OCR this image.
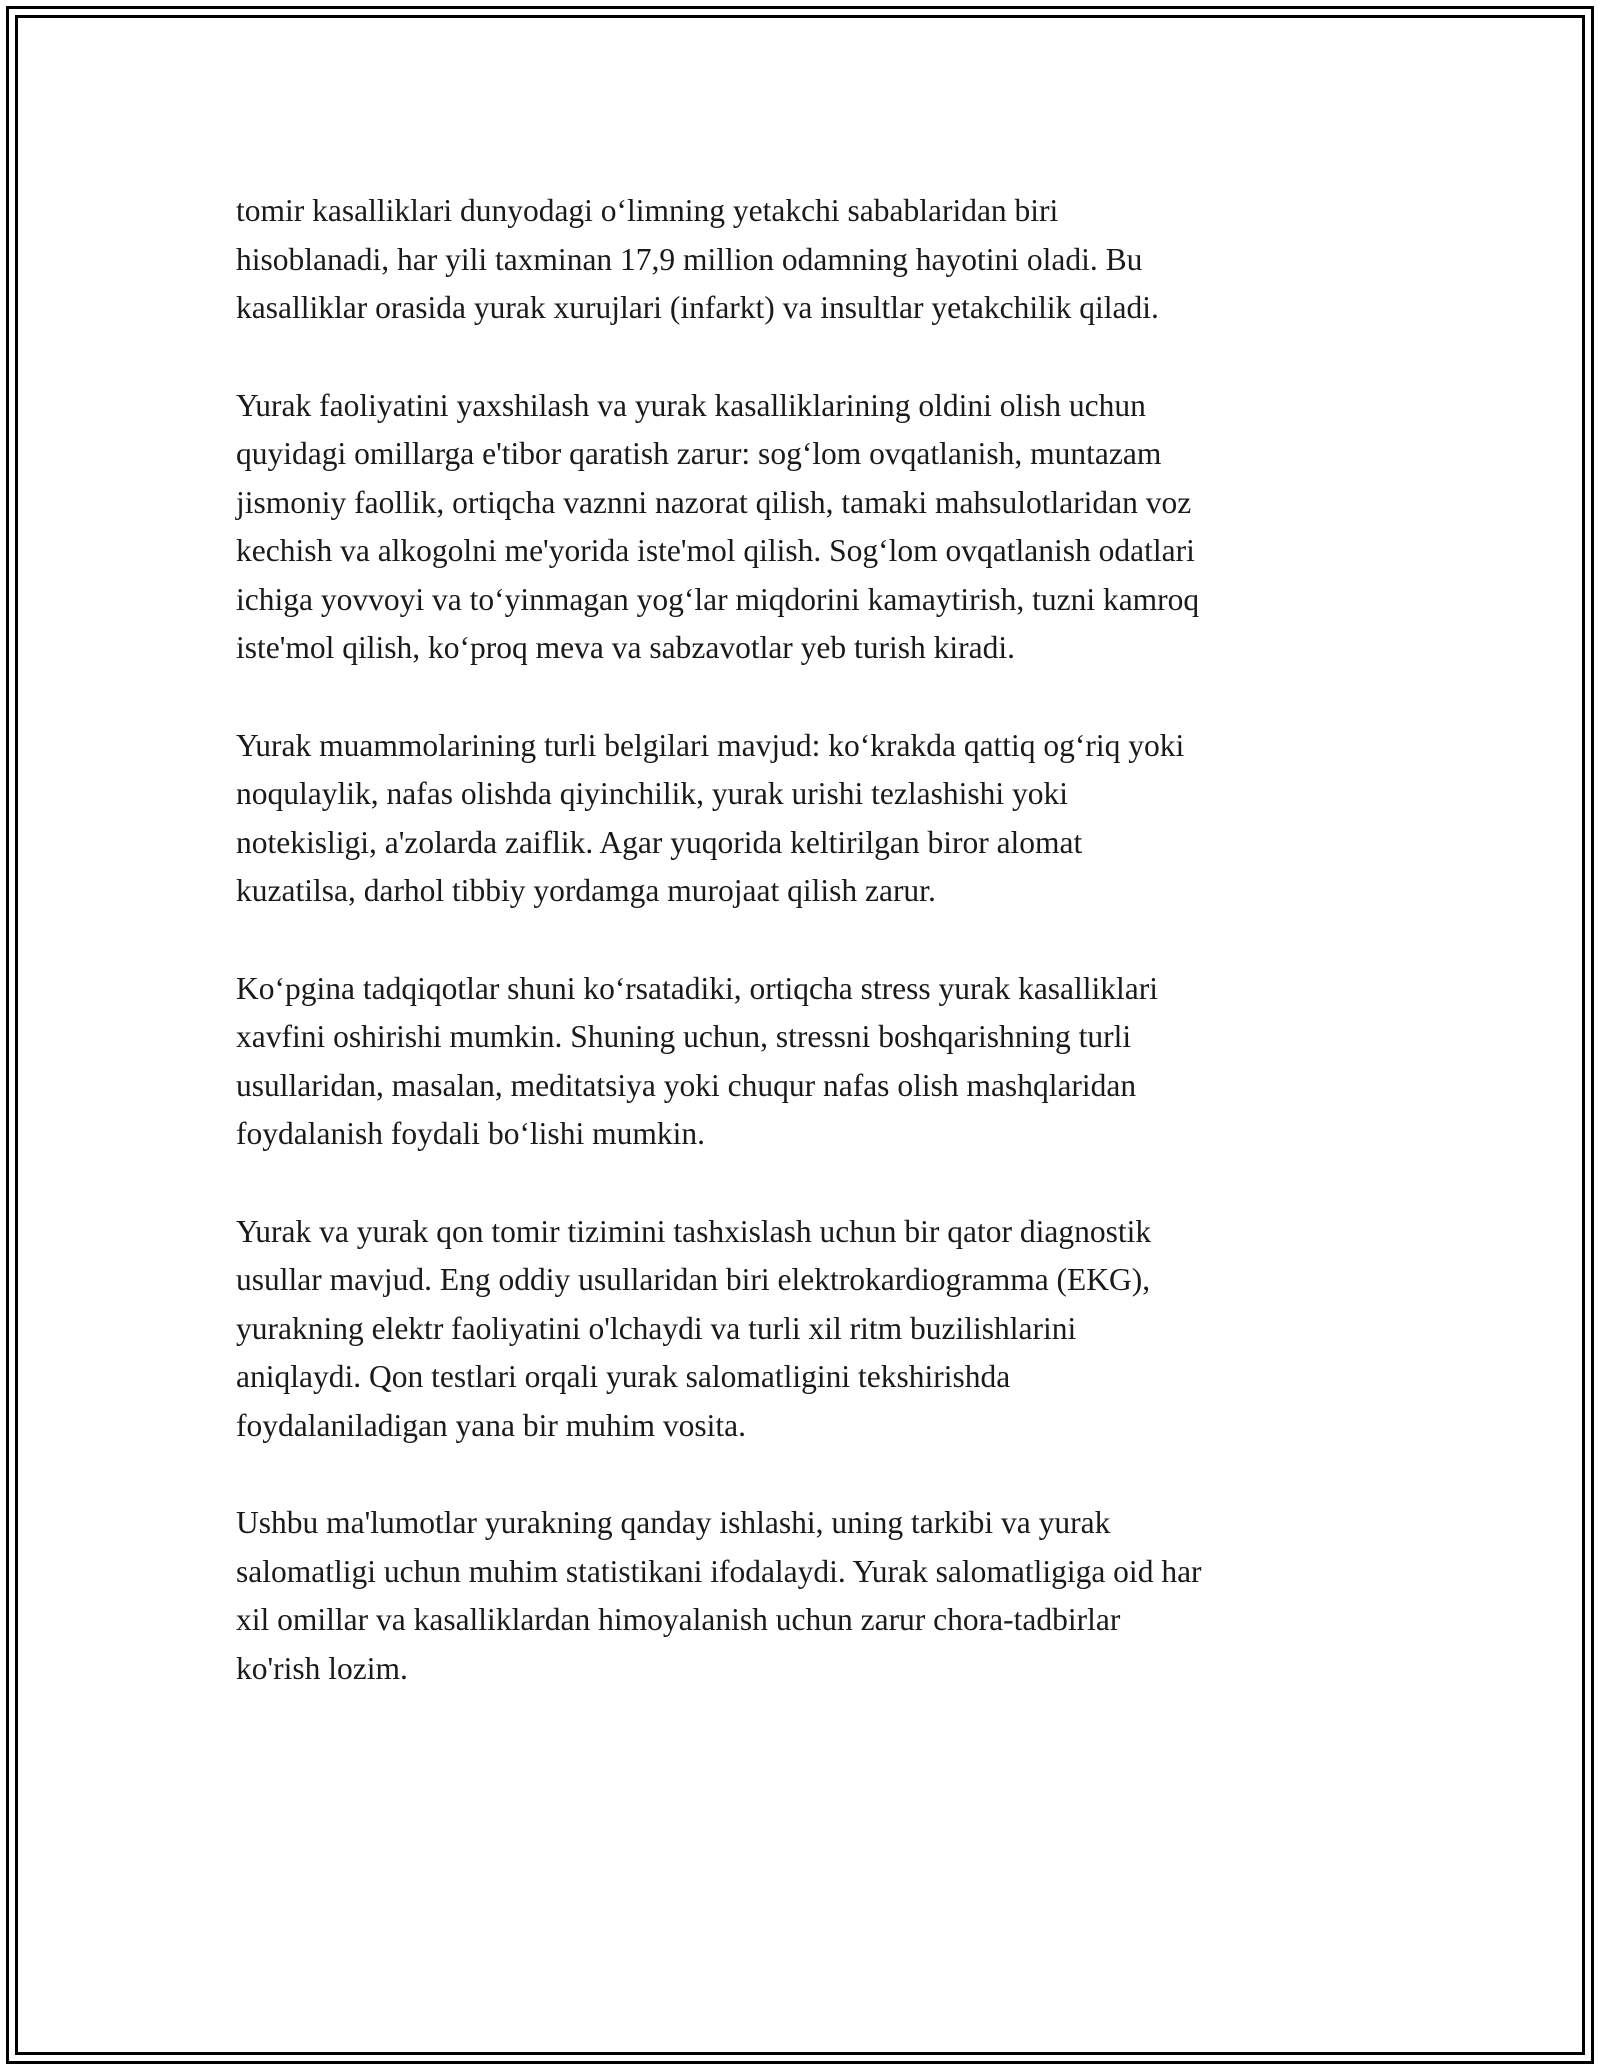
tomir kasalliklari dunyodagi o‘limning yetakchi sabablaridan biri
hisoblanadi, har yili taxminan 17,9 million odamning hayotini oladi. Bu
kasalliklar orasida yurak xurujlari (infarkt) va insultlar yetakchilik qiladi.

Yurak faoliyatini yaxshilash va yurak kasalliklarining oldini olish uchun
quyidagi omillarga e'tibor qaratish zarur: sog‘lom ovqatlanish, muntazam
jismoniy faollik, ortiqcha vaznni nazorat qilish, tamaki mahsulotlaridan voz
kechish va alkogolni me'yorida iste'mol qilish. Sog‘lom ovqatlanish odatlari
ichiga yovvoyi va to‘yinmagan yog‘lar miqdorini kamaytirish, tuzni kamroq
iste'mol qilish, ko‘proq meva va sabzavotlar yeb turish kiradi.

Yurak muammolarining turli belgilari mavjud: ko‘krakda qattiq og‘riq yoki
noqulaylik, nafas olishda qiyinchilik, yurak urishi tezlashishi yoki
notekisligi, a'zolarda zaiflik. Agar yuqorida keltirilgan biror alomat
kuzatilsa, darhol tibbiy yordamga murojaat qilish zarur.

Ko‘pgina tadqiqotlar shuni ko‘rsatadiki, ortiqcha stress yurak kasalliklari
xavfini oshirishi mumkin. Shuning uchun, stressni boshqarishning turli
usullaridan, masalan, meditatsiya yoki chuqur nafas olish mashqlaridan
foydalanish foydali bo‘lishi mumkin.

Yurak va yurak qon tomir tizimini tashxislash uchun bir qator diagnostik
usullar mavjud. Eng oddiy usullaridan biri elektrokardiogramma (EKG),
yurakning elektr faoliyatini o'lchaydi va turli xil ritm buzilishlarini
aniqlaydi. Qon testlari orqali yurak salomatligini tekshirishda
foydalaniladigan yana bir muhim vosita.

Ushbu ma'lumotlar yurakning qanday ishlashi, uning tarkibi va yurak
salomatligi uchun muhim statistikani ifodalaydi. Yurak salomatligiga oid har
xil omillar va kasalliklardan himoyalanish uchun zarur chora-tadbirlar
ko'rish lozim.
